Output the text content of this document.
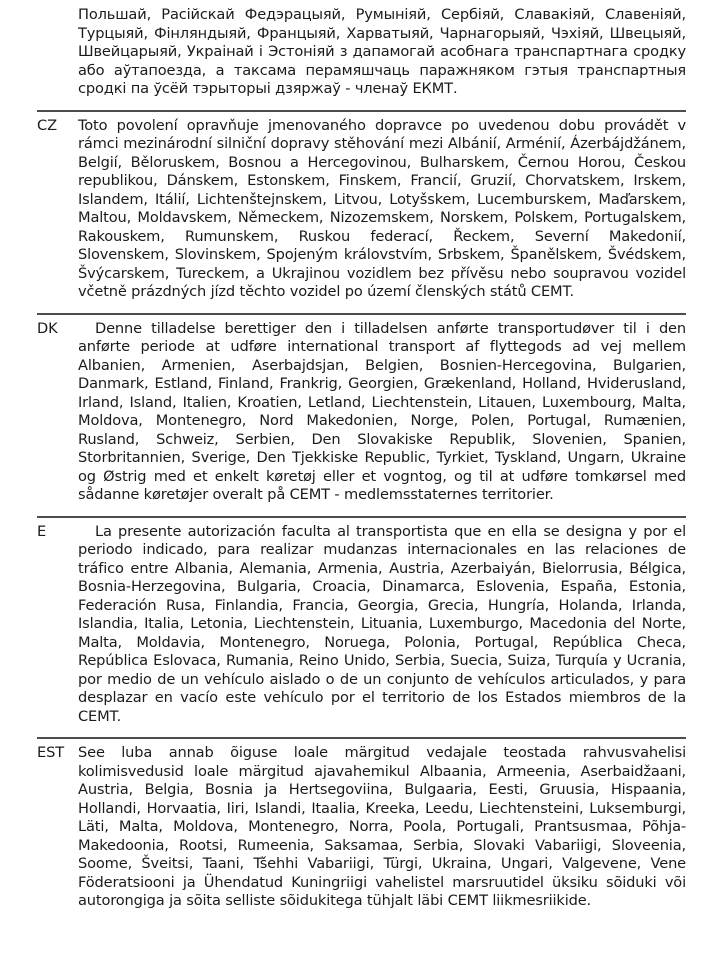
Польшай, Расійскай Федэрацыяй, Румыніяй, Сербіяй, Славакіяй, Славеніяй, Турцыяй, Фінляндыяй, Францыяй, Харватыяй, Чарнагорыяй, Чэхіяй, Швецыяй, Швейцарыяй, Украінай і Эстоніяй з дапамогай асобнага транспартнага сродку або аўтапоезда, а таксама перамяшчаць паражняком гэтыя транспартныя сродкі па ўсёй тэрыторыі дзяржаў - членаў ЕКМТ.
CZ	Toto povolení opravňuje jmenovaného dopravce po uvedenou dobu provádět v rámci mezinárodní silniční dopravy stěhování mezi Albánií, Arménií, Ázerbájdžánem, Belgií, Běloruskem, Bosnou a Hercegovinou, Bulharskem, Černou Horou, Českou republikou, Dánskem, Estonskem, Finskem, Francií, Gruzií, Chorvatskem, Irskem, Islandem, Itálií, Lichtenštejnskem, Litvou, Lotyšskem, Lucemburskem, Maďarskem, Maltou, Moldavskem, Německem, Nizozemskem, Norskem, Polskem, Portugalskem, Rakouskem, Rumunskem, Ruskou federací, Řeckem, Severní Makedonií, Slovenskem, Slovinskem, Spojeným královstvím, Srbskem, Španělskem, Švédskem, Švýcarskem, Tureckem, a Ukrajinou vozidlem bez přívěsu nebo soupravou vozidel včetně prázdných jízd těchto vozidel po území členských států CEMT.
DK	Denne tilladelse berettiger den i tilladelsen anførte transportudøver til i den anførte periode at udføre international transport af flyttegods ad vej mellem Albanien, Armenien, Aserbajdsjan, Belgien, Bosnien-Hercegovina, Bulgarien, Danmark, Estland, Finland, Frankrig, Georgien, Grækenland, Holland, Hviderusland, Irland, Island, Italien, Kroatien, Letland, Liechtenstein, Litauen, Luxembourg, Malta, Moldova, Montenegro, Nord Makedonien, Norge, Polen, Portugal, Rumænien, Rusland, Schweiz, Serbien, Den Slovakiske Republik, Slovenien, Spanien, Storbritannien, Sverige, Den Tjekkiske Republic, Tyrkiet, Tyskland, Ungarn, Ukraine og Østrig med et enkelt køretøj eller et vogntog, og til at udføre tomkørsel med sådanne køretøjer overalt på CEMT - medlemsstaternes territorier.
E	La presente autorización faculta al transportista que en ella se designa y por el periodo indicado, para realizar mudanzas internacionales en las relaciones de tráfico entre Albania, Alemania, Armenia, Austria, Azerbaiyán, Bielorrusia, Bélgica, Bosnia-Herzegovina, Bulgaria, Croacia, Dinamarca, Eslovenia, España, Estonia, Federación Rusa, Finlandia, Francia, Georgia, Grecia, Hungría, Holanda, Irlanda, Islandia, Italia, Letonia, Liechtenstein, Lituania, Luxemburgo, Macedonia del Norte, Malta, Moldavia, Montenegro, Noruega, Polonia, Portugal, República Checa, República Eslovaca, Rumania, Reino Unido, Serbia, Suecia, Suiza, Turquía y Ucrania, por medio de un vehículo aislado o de un conjunto de vehículos articulados, y para desplazar en vacío este vehículo por el territorio de los Estados miembros de la CEMT.
EST See luba annab õiguse loale märgitud vedajale teostada rahvusvahelisi kolimisvedusid loale märgitud ajavahemikul Albaania, Armeenia, Aserbaidžaani, Austria, Belgia, Bosnia ja Hertsegoviina, Bulgaaria, Eesti, Gruusia, Hispaania, Hollandi, Horvaatia, Iiri, Islandi, Itaalia, Kreeka, Leedu, Liechtensteini, Luksemburgi, Läti, Malta, Moldova, Montenegro, Norra, Poola, Portugali, Prantsusmaa, Põhja-Makedoonia, Rootsi, Rumeenia, Saksamaa, Serbia, Slovaki Vabariigi, Sloveenia, Soome, Šveitsi, Taani, Tšehhi Vabariigi, Türgi, Ukraina, Ungari, Valgevene, Vene Föderatsiooni ja Ühendatud Kuningriigi vahelistel marsruutidel üksiku sõiduki või autorongiga ja sõita selliste sõidukitega tühjalt läbi CEMT liikmesriikide.
